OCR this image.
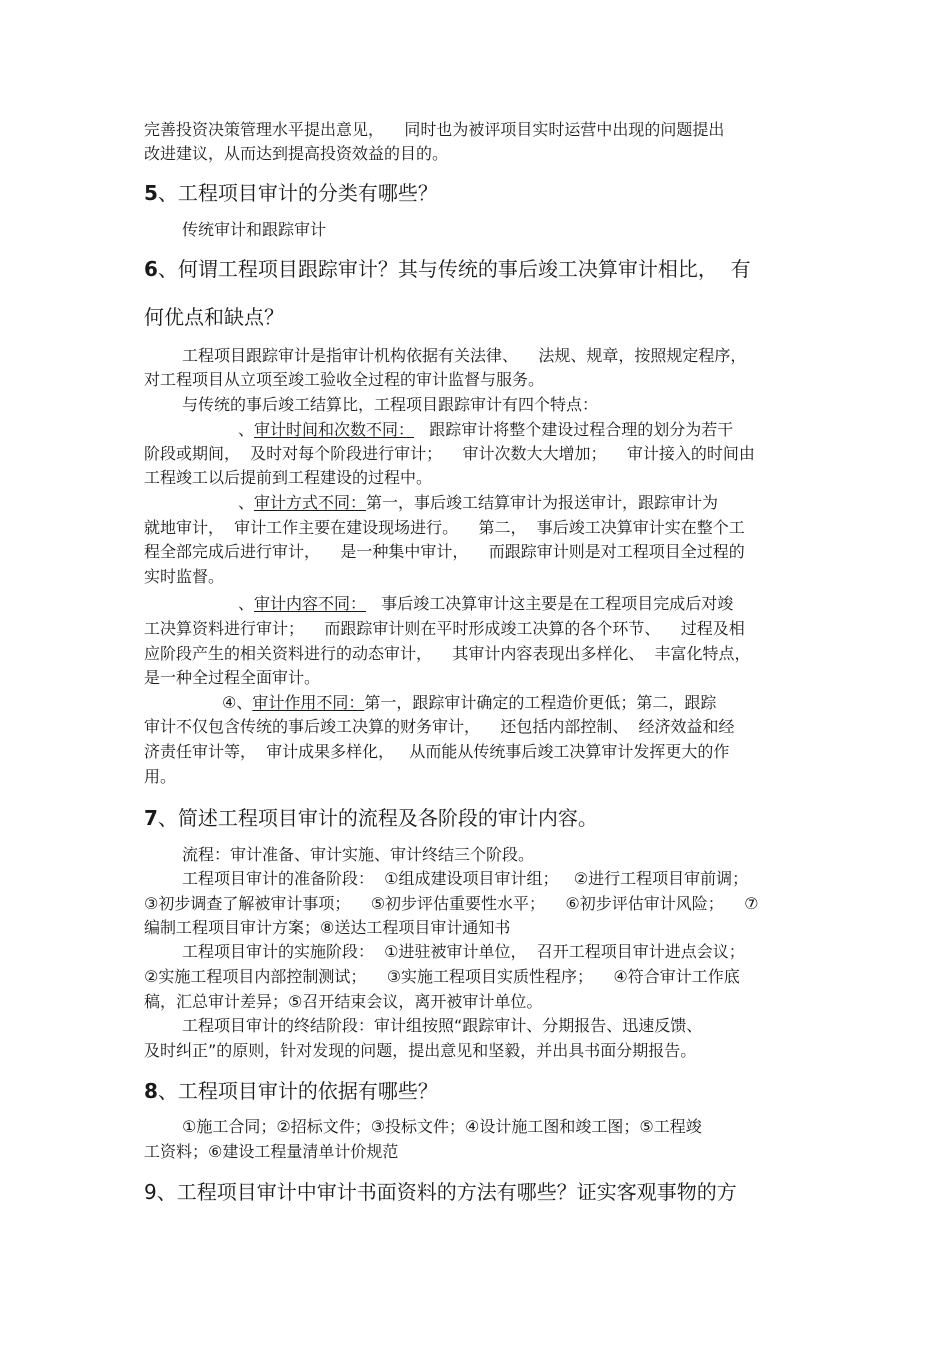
完善投资决策管理水平提出意见，    同时也为被评项目实时运营中出现的问题提出
改进建议，从而达到提高投资效益的目的。
5、工程项目审计的分类有哪些？
传统审计和跟踪审计
6、何谓工程项目跟踪审计？其与传统的事后竣工决算审计相比，  有
何优点和缺点？
工程项目跟踪审计是指审计机构依据有关法律、    法规、规章，按照规定程序，
对工程项目从立项至竣工验收全过程的审计监督与服务。
与传统的事后竣工结算比，工程项目跟踪审计有四个特点：
、审计时间和次数不同：   跟踪审计将整个建设过程合理的划分为若干
阶段或期间，  及时对每个阶段进行审计；    审计次数大大增加；    审计接入的时间由
工程竣工以后提前到工程建设的过程中。
、审计方式不同：第一，事后竣工结算审计为报送审计，跟踪审计为
就地审计，  审计工作主要在建设现场进行。    第二，  事后竣工决算审计实在整个工
程全部完成后进行审计，    是一种集中审计，    而跟踪审计则是对工程项目全过程的
实时监督。
、审计内容不同：   事后竣工决算审计这主要是在工程项目完成后对竣
工决算资料进行审计；    而跟踪审计则在平时形成竣工决算的各个环节、    过程及相
应阶段产生的相关资料进行的动态审计，    其审计内容表现出多样化、  丰富化特点，
是一种全过程全面审计。
④、审计作用不同：第一，跟踪审计确定的工程造价更低；第二，跟踪
审计不仅包含传统的事后竣工决算的财务审计，    还包括内部控制、  经济效益和经
济责任审计等，  审计成果多样化，   从而能从传统事后竣工决算审计发挥更大的作
用。
7、简述工程项目审计的流程及各阶段的审计内容。
流程：审计准备、审计实施、审计终结三个阶段。
工程项目审计的准备阶段：  ①组成建设项目审计组；   ②进行工程项目审前调；
③初步调查了解被审计事项；    ⑤初步评估重要性水平；    ⑥初步评估审计风险；    ⑦
编制工程项目审计方案；⑧送达工程项目审计通知书
工程项目审计的实施阶段：  ①进驻被审计单位，  召开工程项目审计进点会议；
②实施工程项目内部控制测试；    ③实施工程项目实质性程序；    ④符合审计工作底
稿，汇总审计差异；⑤召开结束会议，离开被审计单位。
工程项目审计的终结阶段：审计组按照“跟踪审计、分期报告、迅速反馈、
及时纠正”的原则，针对发现的问题，提出意见和坚毅，并出具书面分期报告。
8、工程项目审计的依据有哪些？
①施工合同；②招标文件；③投标文件；④设计施工图和竣工图；⑤工程竣
工资料；⑥建设工程量清单计价规范
9、工程项目审计中审计书面资料的方法有哪些？证实客观事物的方
